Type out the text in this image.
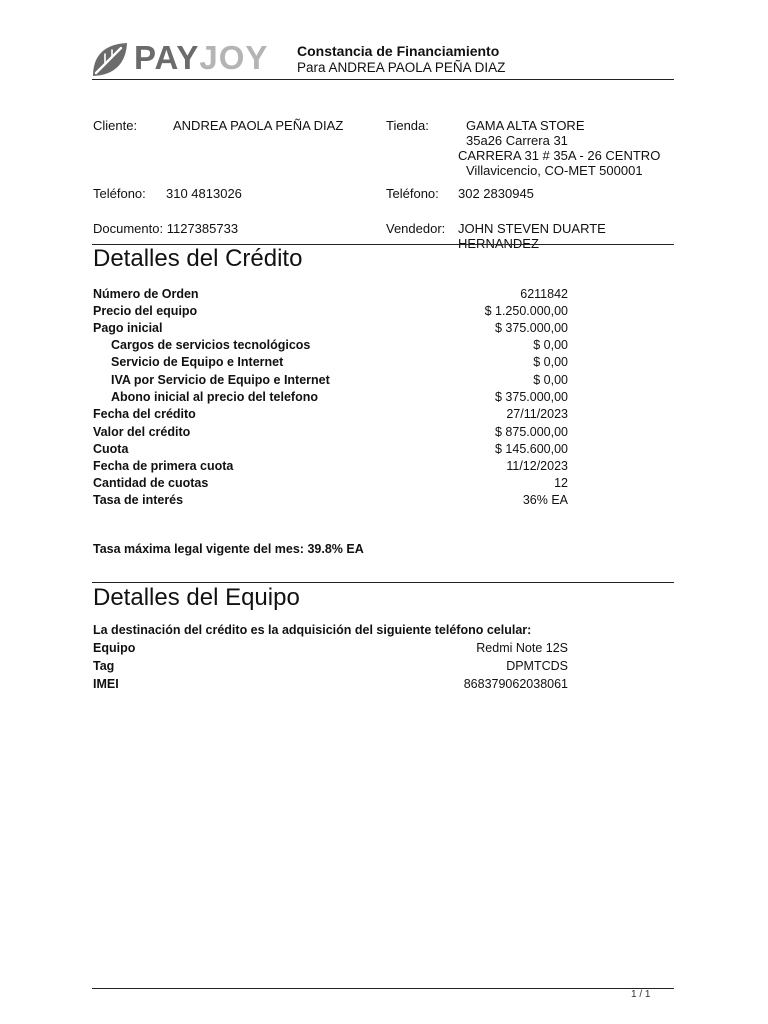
PAYJOY Constancia de Financiamiento
Para ANDREA PAOLA PEÑA DIAZ
Cliente:	ANDREA PAOLA PEÑA DIAZ
Teléfono: 310 4813026
Documento: 1127385733
Tienda:	GAMA ALTA STORE
35a26 Carrera 31
CARRERA 31 # 35A - 26 CENTRO
Villavicencio, CO-MET 500001
Teléfono: 302 2830945
Vendedor: JOHN STEVEN DUARTE
HERNANDEZ
Detalles del Crédito
Número de Orden	6211842
Precio del equipo	$ 1.250.000,00
Pago inicial	$ 375.000,00
Cargos de servicios tecnológicos	$ 0,00
Servicio de Equipo e Internet	$ 0,00
IVA por Servicio de Equipo e Internet	$ 0,00
Abono inicial al precio del telefono	$ 375.000,00
Fecha del crédito	27/11/2023
Valor del crédito	$ 875.000,00
Cuota	$ 145.600,00
Fecha de primera cuota	11/12/2023
Cantidad de cuotas	12
Tasa de interés	36% EA
Tasa máxima legal vigente del mes: 39.8% EA
Detalles del Equipo
La destinación del crédito es la adquisición del siguiente teléfono celular:
Equipo	Redmi Note 12S
Tag	DPMTCDS
IMEI	868379062038061
1 / 1
